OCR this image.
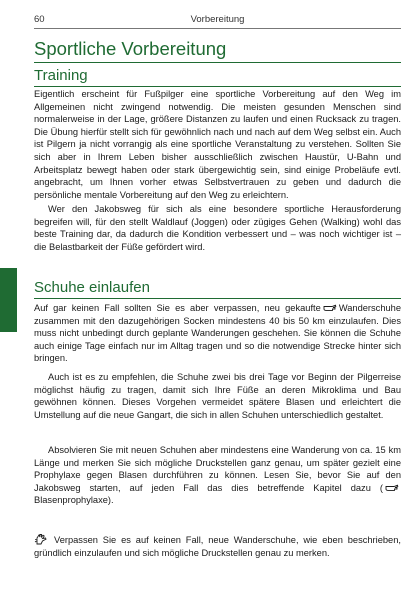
60	Vorbereitung
Sportliche Vorbereitung
Training

Eigentlich erscheint für Fußpilger eine sportliche Vorbereitung auf den Weg im Allgemeinen nicht zwingend notwendig. Die meisten gesunden Menschen sind normalerweise in der Lage, größere Distanzen zu laufen und einen Rucksack zu tragen. Die Übung hierfür stellt sich für gewöhnlich nach und nach auf dem Weg selbst ein. Auch ist Pilgern ja nicht vorrangig als eine sportliche Veranstaltung zu verstehen. Sollten Sie sich aber in Ihrem Leben bisher ausschließlich zwischen Haustür, U-Bahn und Arbeitsplatz bewegt haben oder stark übergewichtig sein, sind einige Probeläufe evtl. angebracht, um Ihnen vorher etwas Selbstvertrauen zu geben und dadurch die persönliche mentale Vorbereitung auf den Weg zu erleichtern.

Wer den Jakobsweg für sich als eine besondere sportliche Herausforderung begreifen will, für den stellt Waldlauf (Joggen) oder zügiges Gehen (Walking) wohl das beste Training dar, da dadurch die Kondition verbessert und – was noch wichtiger ist – die Belastbarkeit der Füße gefördert wird.

Schuhe einlaufen

Auf gar keinen Fall sollten Sie es aber verpassen, neu gekaufte Wanderschuhe zusammen mit den dazugehörigen Socken mindestens 40 bis 50 km einzulaufen. Dies muss nicht unbedingt durch geplante Wanderungen geschehen. Sie können die Schuhe auch einige Tage einfach nur im Alltag tragen und so die notwendige Strecke hinter sich bringen.

Auch ist es zu empfehlen, die Schuhe zwei bis drei Tage vor Beginn der Pilgerreise möglichst häufig zu tragen, damit sich Ihre Füße an deren Mikroklima und Bau gewöhnen können. Dieses Vorgehen vermeidet spätere Blasen und erleichtert die Umstellung auf die neue Gangart, die sich in allen Schuhen unterschiedlich gestaltet.

Absolvieren Sie mit neuen Schuhen aber mindestens eine Wanderung von ca. 15 km Länge und merken Sie sich mögliche Druckstellen ganz genau, um später gezielt eine Prophylaxe gegen Blasen durchführen zu können. Lesen Sie, bevor Sie auf den Jakobsweg starten, auf jeden Fall das dies betreffende Kapitel dazu (
Blasenprophylaxe).

Verpassen Sie es auf keinen Fall, neue Wanderschuhe, wie eben beschrieben, gründlich einzulaufen und sich mögliche Druckstellen genau zu merken.
